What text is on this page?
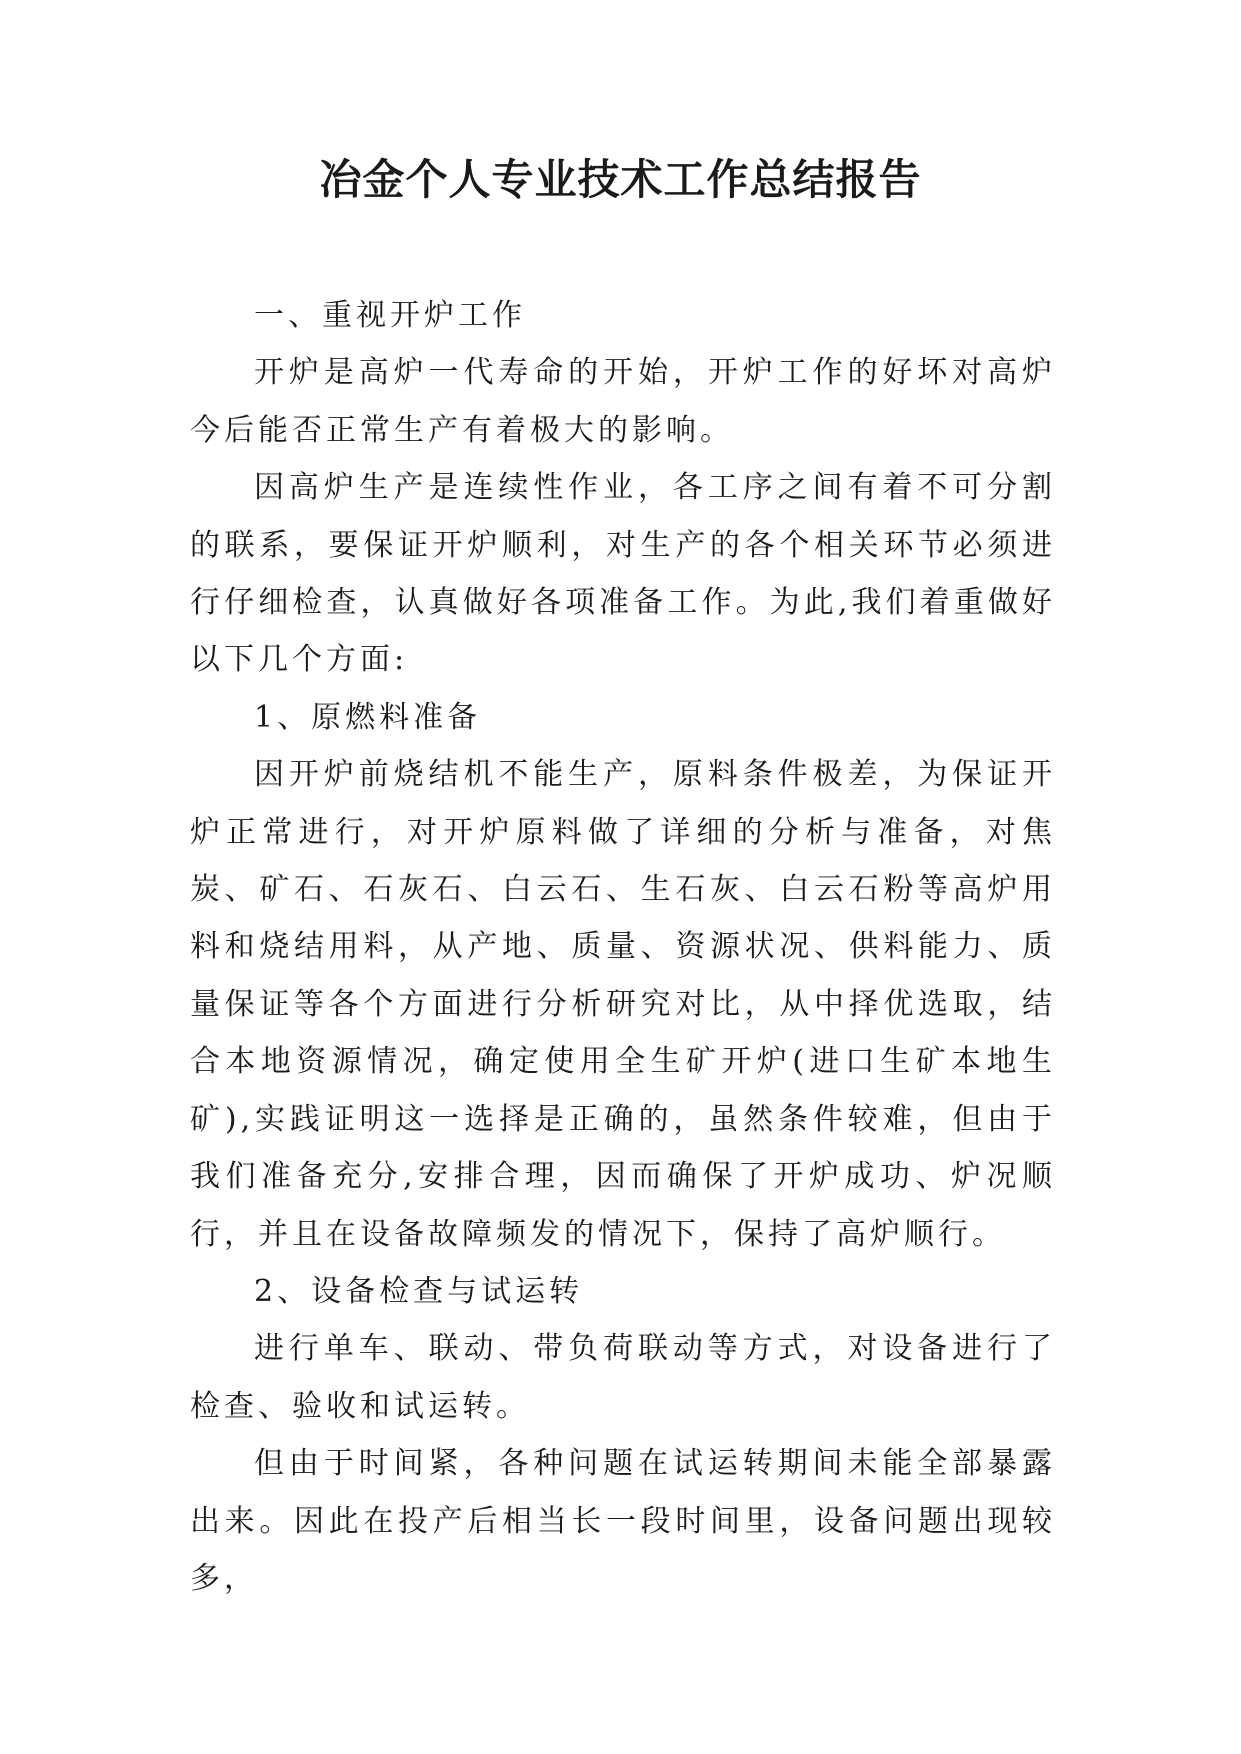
冶金个人专业技术工作总结报告

一、重视开炉工作

开炉是高炉一代寿命的开始，开炉工作的好坏对高炉今后能否正常生产有着极大的影响。

因高炉生产是连续性作业，各工序之间有着不可分割的联系，要保证开炉顺利，对生产的各个相关环节必须进行仔细检查，认真做好各项准备工作。为此,我们着重做好以下几个方面:

1、原燃料准备

因开炉前烧结机不能生产，原料条件极差，为保证开炉正常进行，对开炉原料做了详细的分析与准备，对焦炭、矿石、石灰石、白云石、生石灰、白云石粉等高炉用料和烧结用料，从产地、质量、资源状况、供料能力、质量保证等各个方面进行分析研究对比，从中择优选取，结合本地资源情况，确定使用全生矿开炉(进口生矿本地生矿),实践证明这一选择是正确的，虽然条件较难，但由于我们准备充分,安排合理，因而确保了开炉成功、炉况顺行，并且在设备故障频发的情况下，保持了高炉顺行。

2、设备检查与试运转

进行单车、联动、带负荷联动等方式，对设备进行了检查、验收和试运转。

但由于时间紧，各种问题在试运转期间未能全部暴露出来。因此在投产后相当长一段时间里，设备问题出现较多，
